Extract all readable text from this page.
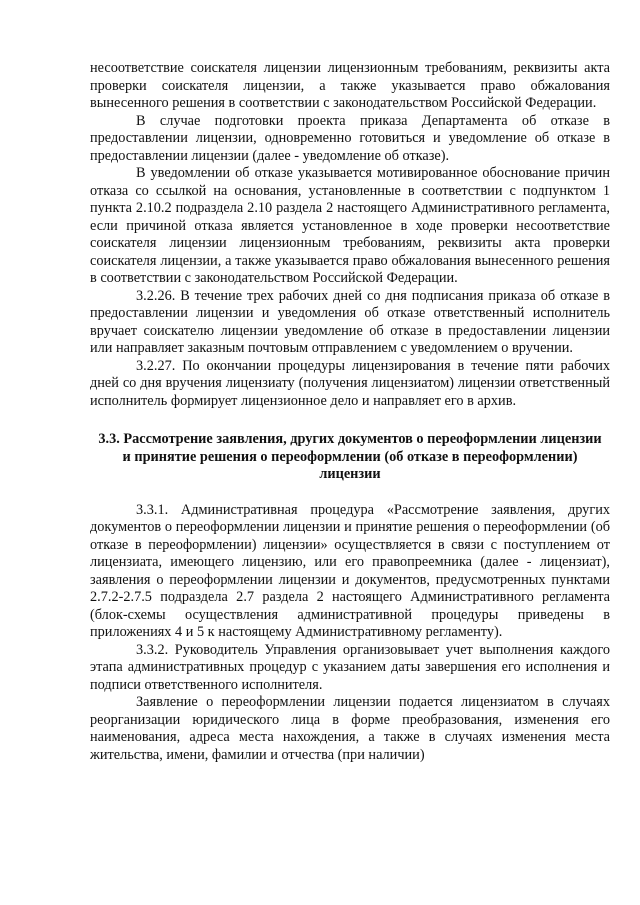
несоответствие соискателя лицензии лицензионным требованиям, реквизиты акта проверки соискателя лицензии, а также указывается право обжалования вынесенного решения в соответствии с законодательством Российской Федерации.

В случае подготовки проекта приказа Департамента об отказе в предоставлении лицензии, одновременно готовиться и уведомление об отказе в предоставлении лицензии (далее - уведомление об отказе).

В уведомлении об отказе указывается мотивированное обоснование причин отказа со ссылкой на основания, установленные в соответствии с подпунктом 1 пункта 2.10.2 подраздела 2.10 раздела 2 настоящего Административного регламента, если причиной отказа является установленное в ходе проверки несоответствие соискателя лицензии лицензионным требованиям, реквизиты акта проверки соискателя лицензии, а также указывается право обжалования вынесенного решения в соответствии с законодательством Российской Федерации.

3.2.26. В течение трех рабочих дней со дня подписания приказа об отказе в предоставлении лицензии и уведомления об отказе ответственный исполнитель вручает соискателю лицензии уведомление об отказе в предоставлении лицензии или направляет заказным почтовым отправлением с уведомлением о вручении.

3.2.27. По окончании процедуры лицензирования в течение пяти рабочих дней со дня вручения лицензиату (получения лицензиатом) лицензии ответственный исполнитель формирует лицензионное дело и направляет его в архив.

3.3. Рассмотрение заявления, других документов о переоформлении лицензии и принятие решения о переоформлении (об отказе в переоформлении) лицензии

3.3.1. Административная процедура «Рассмотрение заявления, других документов о переоформлении лицензии и принятие решения о переоформлении (об отказе в переоформлении) лицензии» осуществляется в связи с поступлением от лицензиата, имеющего лицензию, или его правопреемника (далее - лицензиат), заявления о переоформлении лицензии и документов, предусмотренных пунктами 2.7.2-2.7.5 подраздела 2.7 раздела 2 настоящего Административного регламента (блок-схемы осуществления административной процедуры приведены в приложениях 4 и 5 к настоящему Административному регламенту).

3.3.2. Руководитель Управления организовывает учет выполнения каждого этапа административных процедур с указанием даты завершения его исполнения и подписи ответственного исполнителя.

Заявление о переоформлении лицензии подается лицензиатом в случаях реорганизации юридического лица в форме преобразования, изменения его наименования, адреса места нахождения, а также в случаях изменения места жительства, имени, фамилии и отчества (при наличии)
